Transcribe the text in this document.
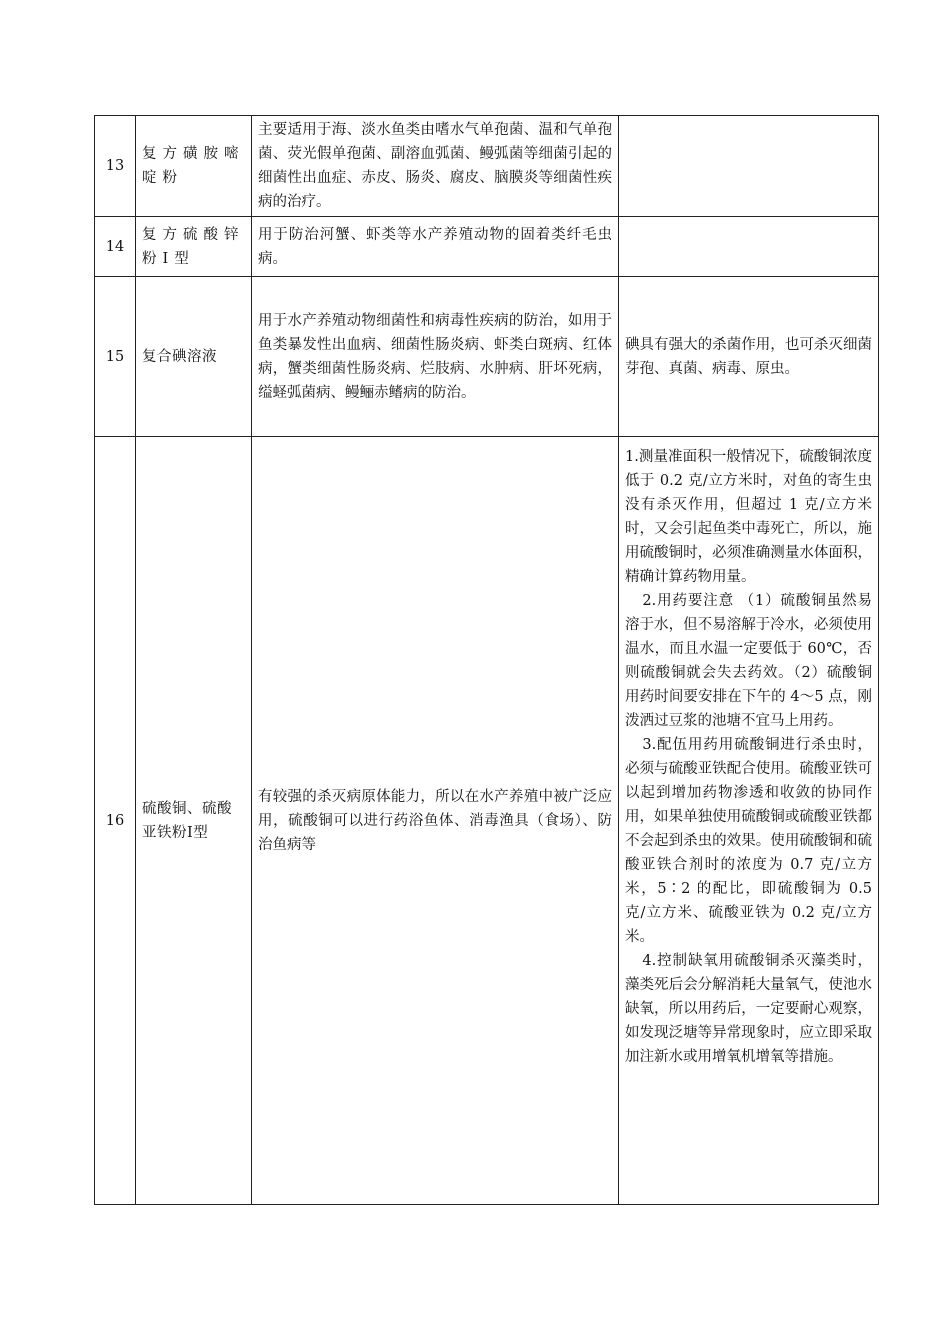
13	复方磺胺嘧啶粉	主要适用于海、淡水鱼类由嗜水气单孢菌、温和气单孢菌、荧光假单孢菌、副溶血弧菌、鳗弧菌等细菌引起的细菌性出血症、赤皮、肠炎、腐皮、脑膜炎等细菌性疾病的治疗。	
14	复方硫酸锌粉Ⅰ型	用于防治河蟹、虾类等水产养殖动物的固着类纤毛虫病。	
15	复合碘溶液	用于水产养殖动物细菌性和病毒性疾病的防治，如用于鱼类暴发性出血病、细菌性肠炎病、虾类白斑病、红体病，蟹类细菌性肠炎病、烂肢病、水肿病、肝坏死病，缢蛏弧菌病、鳗鲡赤鳍病的防治。	碘具有强大的杀菌作用，也可杀灭细菌芽孢、真菌、病毒、原虫。
16	硫酸铜、硫酸亚铁粉Ⅰ型	有较强的杀灭病原体能力，所以在水产养殖中被广泛应用，硫酸铜可以进行药浴鱼体、消毒渔具（食场）、防治鱼病等	1.测量准面积一般情况下，硫酸铜浓度低于 0.2 克/立方米时，对鱼的寄生虫没有杀灭作用，但超过 1 克/立方米时，又会引起鱼类中毒死亡，所以，施用硫酸铜时，必须准确测量水体面积，精确计算药物用量。
2.用药要注意 （1）硫酸铜虽然易溶于水，但不易溶解于冷水，必须使用温水，而且水温一定要低于 60℃，否则硫酸铜就会失去药效。（2）硫酸铜用药时间要安排在下午的 4～5 点，刚泼洒过豆浆的池塘不宜马上用药。
3.配伍用药用硫酸铜进行杀虫时，必须与硫酸亚铁配合使用。硫酸亚铁可以起到增加药物渗透和收敛的协同作用，如果单独使用硫酸铜或硫酸亚铁都不会起到杀虫的效果。使用硫酸铜和硫酸亚铁合剂时的浓度为 0.7 克/立方米，5∶2 的配比，即硫酸铜为 0.5 克/立方米、硫酸亚铁为 0.2 克/立方米。
4.控制缺氧用硫酸铜杀灭藻类时，藻类死后会分解消耗大量氧气，使池水缺氧，所以用药后，一定要耐心观察，如发现泛塘等异常现象时，应立即采取加注新水或用增氧机增氧等措施。
